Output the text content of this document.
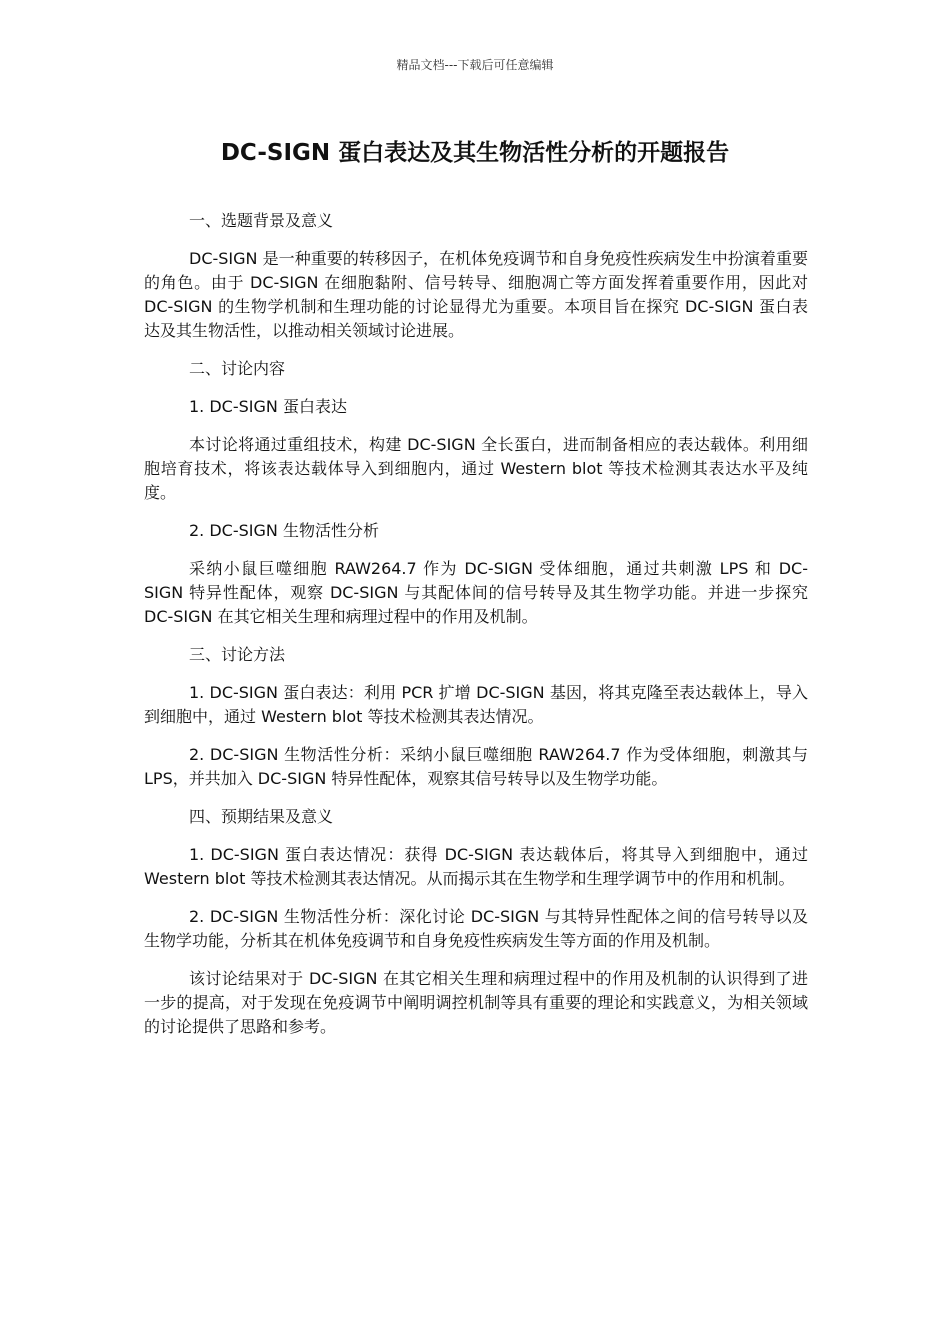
精品文档---下载后可任意编辑
DC-SIGN 蛋白表达及其生物活性分析的开题报告

一、选题背景及意义

DC-SIGN 是一种重要的转移因子，在机体免疫调节和自身免疫性疾病发生中扮演着重要的角色。由于 DC-SIGN 在细胞黏附、信号转导、细胞凋亡等方面发挥着重要作用，因此对 DC-SIGN 的生物学机制和生理功能的讨论显得尤为重要。本项目旨在探究 DC-SIGN 蛋白表达及其生物活性，以推动相关领域讨论进展。

二、讨论内容

1. DC-SIGN 蛋白表达

本讨论将通过重组技术，构建 DC-SIGN 全长蛋白，进而制备相应的表达载体。利用细胞培育技术，将该表达载体导入到细胞内，通过 Western blot 等技术检测其表达水平及纯度。

2. DC-SIGN 生物活性分析

采纳小鼠巨噬细胞 RAW264.7 作为 DC-SIGN 受体细胞，通过共刺激 LPS 和 DC-SIGN 特异性配体，观察 DC-SIGN 与其配体间的信号转导及其生物学功能。并进一步探究 DC-SIGN 在其它相关生理和病理过程中的作用及机制。

三、讨论方法

1. DC-SIGN 蛋白表达：利用 PCR 扩增 DC-SIGN 基因，将其克隆至表达载体上，导入到细胞中，通过 Western blot 等技术检测其表达情况。

2. DC-SIGN 生物活性分析：采纳小鼠巨噬细胞 RAW264.7 作为受体细胞，刺激其与 LPS，并共加入 DC-SIGN 特异性配体，观察其信号转导以及生物学功能。

四、预期结果及意义

1. DC-SIGN 蛋白表达情况：获得 DC-SIGN 表达载体后，将其导入到细胞中，通过 Western blot 等技术检测其表达情况。从而揭示其在生物学和生理学调节中的作用和机制。

2. DC-SIGN 生物活性分析：深化讨论 DC-SIGN 与其特异性配体之间的信号转导以及生物学功能，分析其在机体免疫调节和自身免疫性疾病发生等方面的作用及机制。

该讨论结果对于 DC-SIGN 在其它相关生理和病理过程中的作用及机制的认识得到了进一步的提高，对于发现在免疫调节中阐明调控机制等具有重要的理论和实践意义，为相关领域的讨论提供了思路和参考。
